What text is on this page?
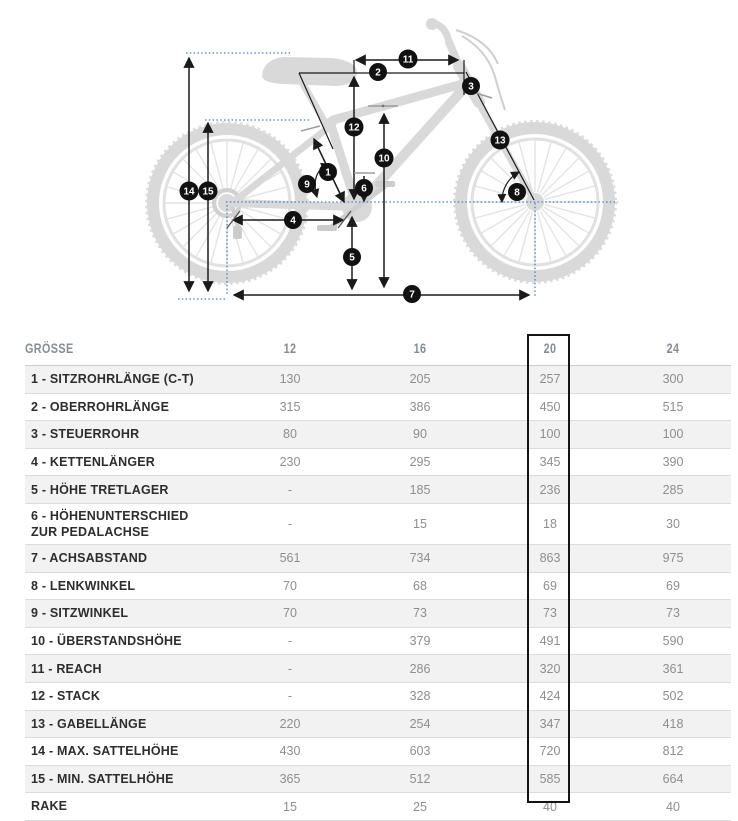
1
2
3
4
5
6
7
8
9
10
11
12
13
14 15
GRÖSSE	12	16	20	24
1 - SITZROHRLÄNGE (C-T)	130	205	257	300
2 - OBERROHRLÄNGE	315	386	450	515
3 - STEUERROHR	80	90	100	100
4 - KETTENLÄNGER	230	295	345	390
5 - HÖHE TRETLAGER	-	185	236	285
6 - HÖHENUNTERSCHIED ZUR PEDALACHSE	-	15	18	30
7 - ACHSABSTAND	561	734	863	975
8 - LENKWINKEL	70	68	69	69
9 - SITZWINKEL	70	73	73	73
10 - ÜBERSTANDSHÖHE	-	379	491	590
11 - REACH	-	286	320	361
12 - STACK	-	328	424	502
13 - GABELLÄNGE	220	254	347	418
14 - MAX. SATTELHÖHE	430	603	720	812
15 - MIN. SATTELHÖHE	365	512	585	664
RAKE	15	25	40	40
